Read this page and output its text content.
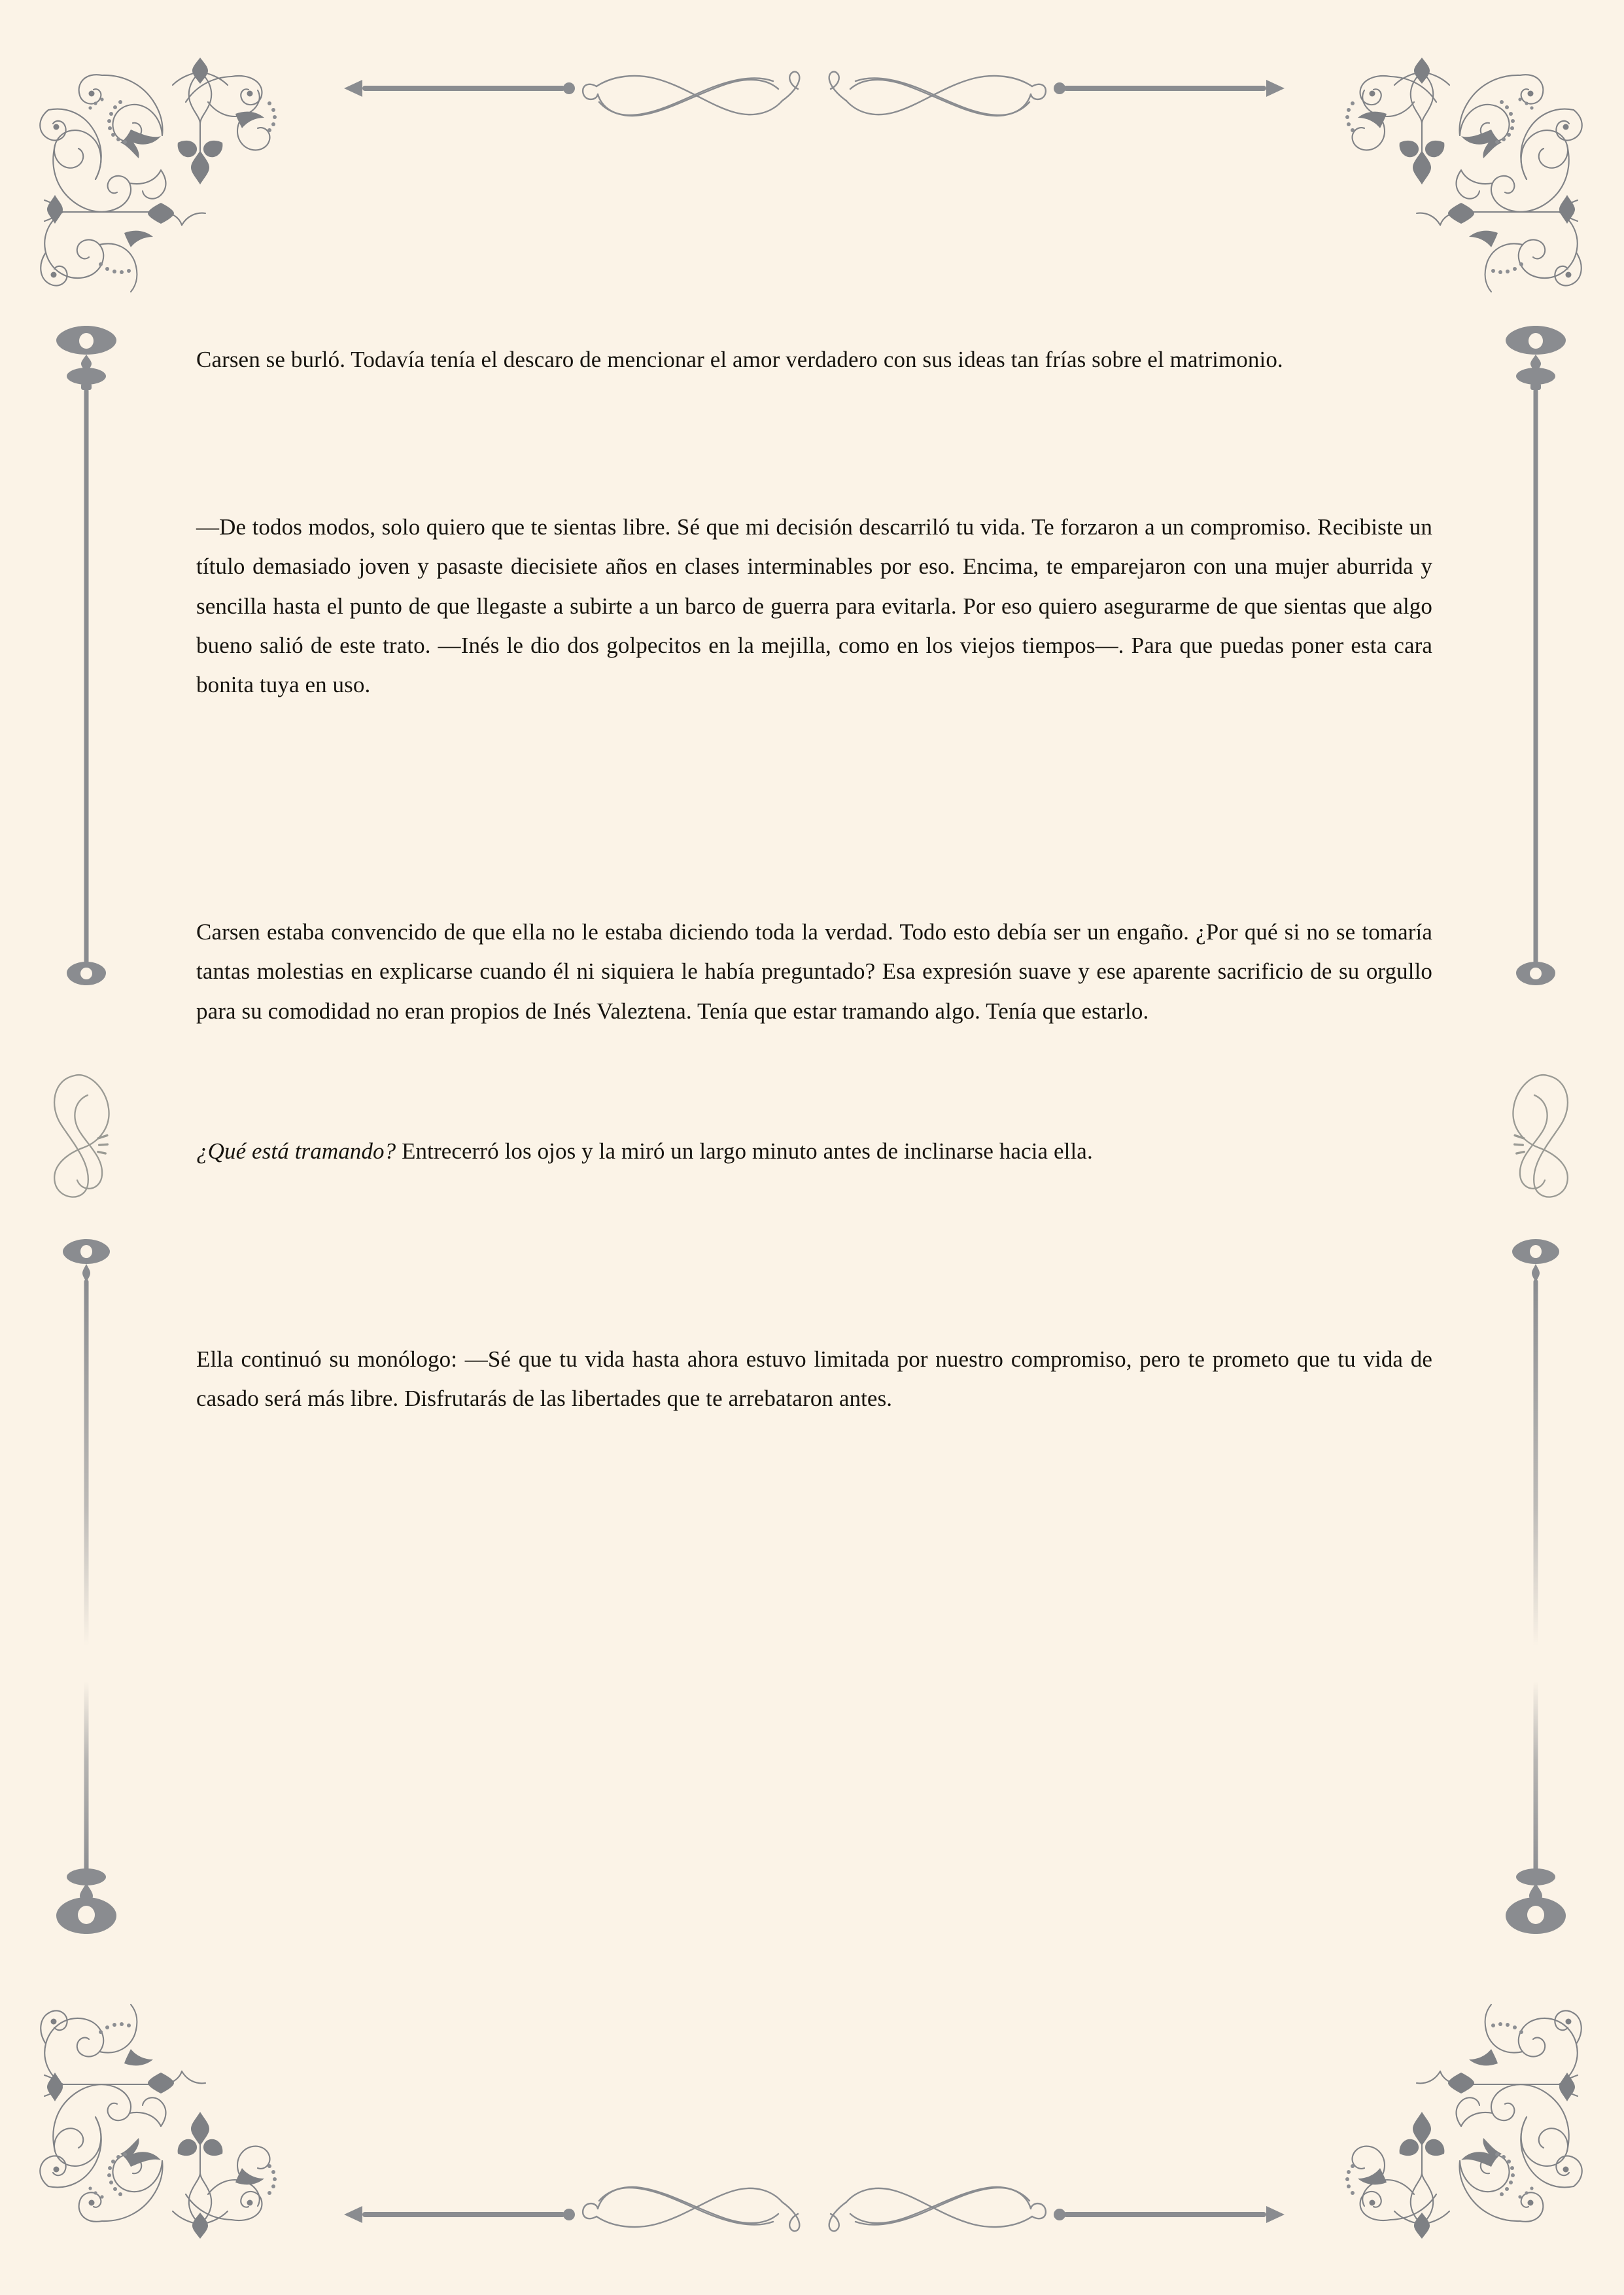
Carsen se burló. Todavía tenía el descaro de mencionar el amor verdadero con sus ideas tan frías sobre el matrimonio.

—De todos modos, solo quiero que te sientas libre. Sé que mi decisión descarriló tu vida. Te forzaron a un compromiso. Recibiste un título demasiado joven y pasaste diecisiete años en clases interminables por eso. Encima, te emparejaron con una mujer aburrida y sencilla hasta el punto de que llegaste a subirte a un barco de guerra para evitarla. Por eso quiero asegurarme de que sientas que algo bueno salió de este trato. —Inés le dio dos golpecitos en la mejilla, como en los viejos tiempos—. Para que puedas poner esta cara bonita tuya en uso.

Carsen estaba convencido de que ella no le estaba diciendo toda la verdad. Todo esto debía ser un engaño. ¿Por qué si no se tomaría tantas molestias en explicarse cuando él ni siquiera le había preguntado? Esa expresión suave y ese aparente sacrificio de su orgullo para su comodidad no eran propios de Inés Valeztena. Tenía que estar tramando algo. Tenía que estarlo.

¿Qué está tramando? Entrecerró los ojos y la miró un largo minuto antes de inclinarse hacia ella.

Ella continuó su monólogo: —Sé que tu vida hasta ahora estuvo limitada por nuestro compromiso, pero te prometo que tu vida de casado será más libre. Disfrutarás de las libertades que te arrebataron antes.
